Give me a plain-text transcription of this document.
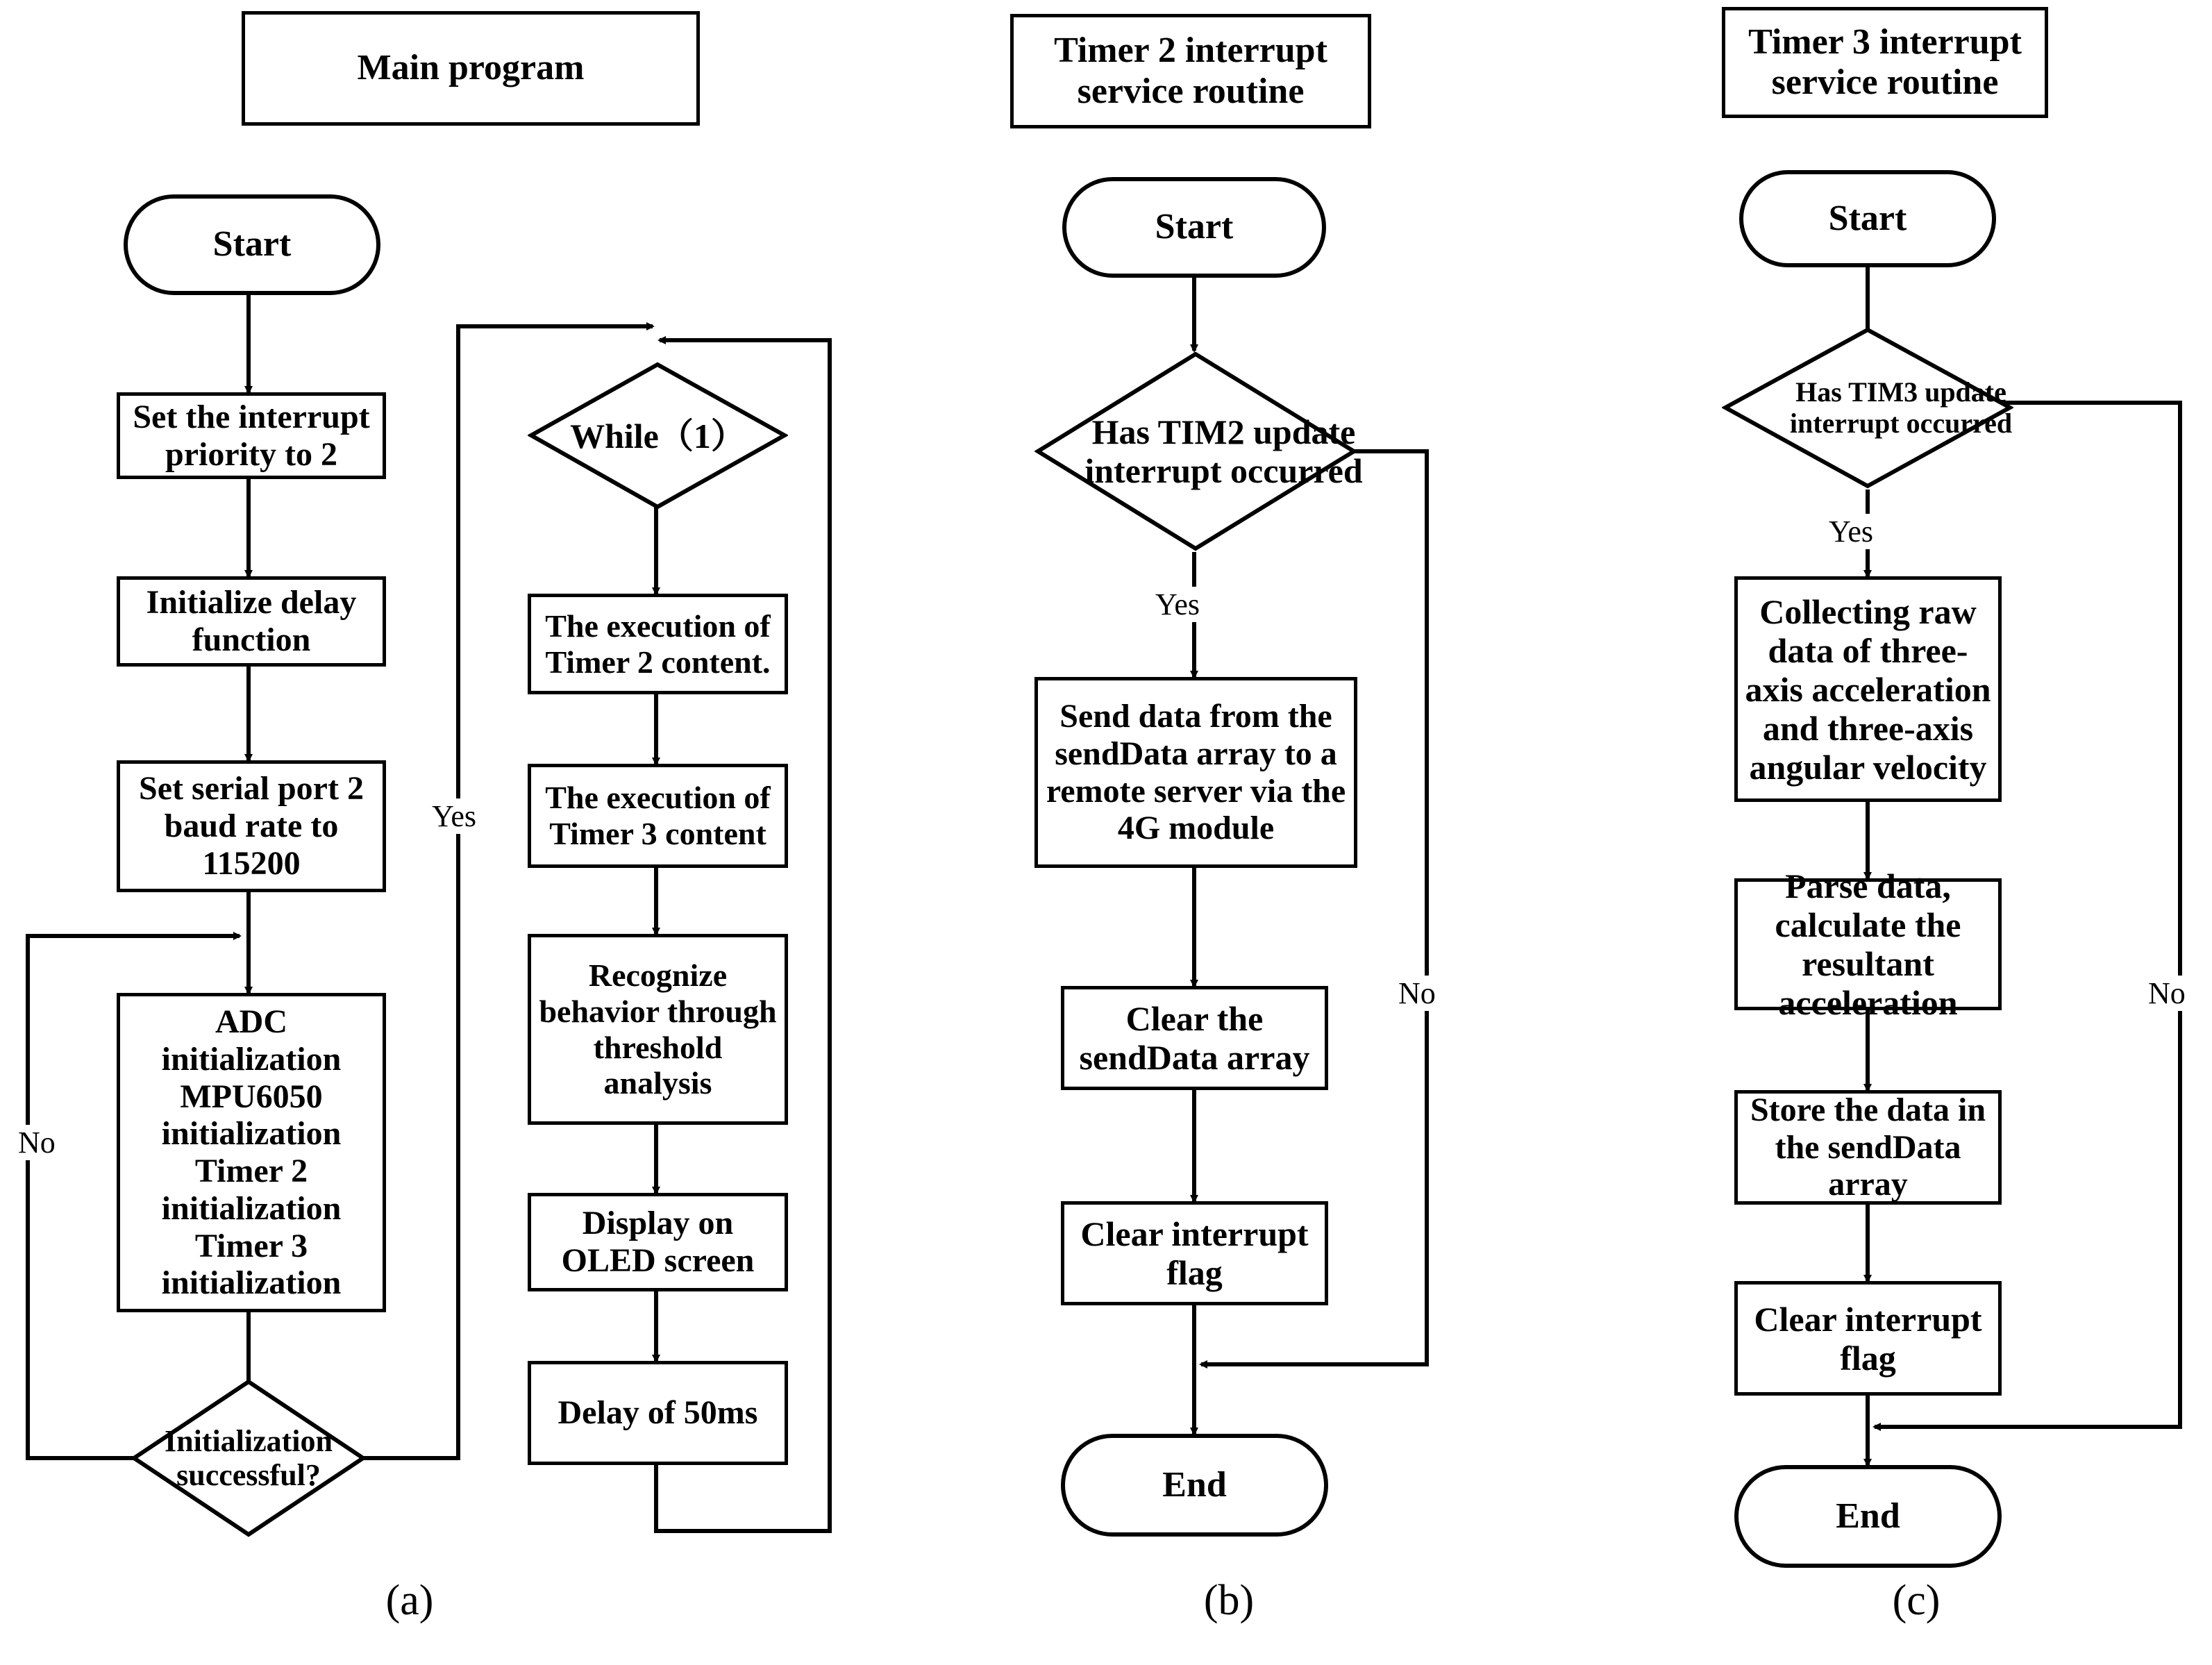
Main program
Start
Set the interrupt priority to 2
Initialize delay function
Set serial port 2 baud rate to 115200
ADC initialization MPU6050 initialization Timer 2 initialization Timer 3 initialization
Initialization successful?
While（1）
The execution of Timer 2 content.
The execution of Timer 3 content
Recognize behavior through threshold analysis
Display on OLED screen
Delay of 50ms
Yes
No
(a)
Timer 2 interrupt service routine
Start
Has TIM2 update interrupt occurred
Send data from the sendData array to a remote server via the 4G module
Clear the sendData array
Clear interrupt flag
End
Yes
No
(b)
Timer 3 interrupt service routine
Start
Has TIM3 update interrupt occurred
Collecting raw data of three-axis acceleration and three-axis angular velocity
Parse data, calculate the resultant acceleration
Store the data in the sendData array
Clear interrupt flag
End
Yes
No
(c)
